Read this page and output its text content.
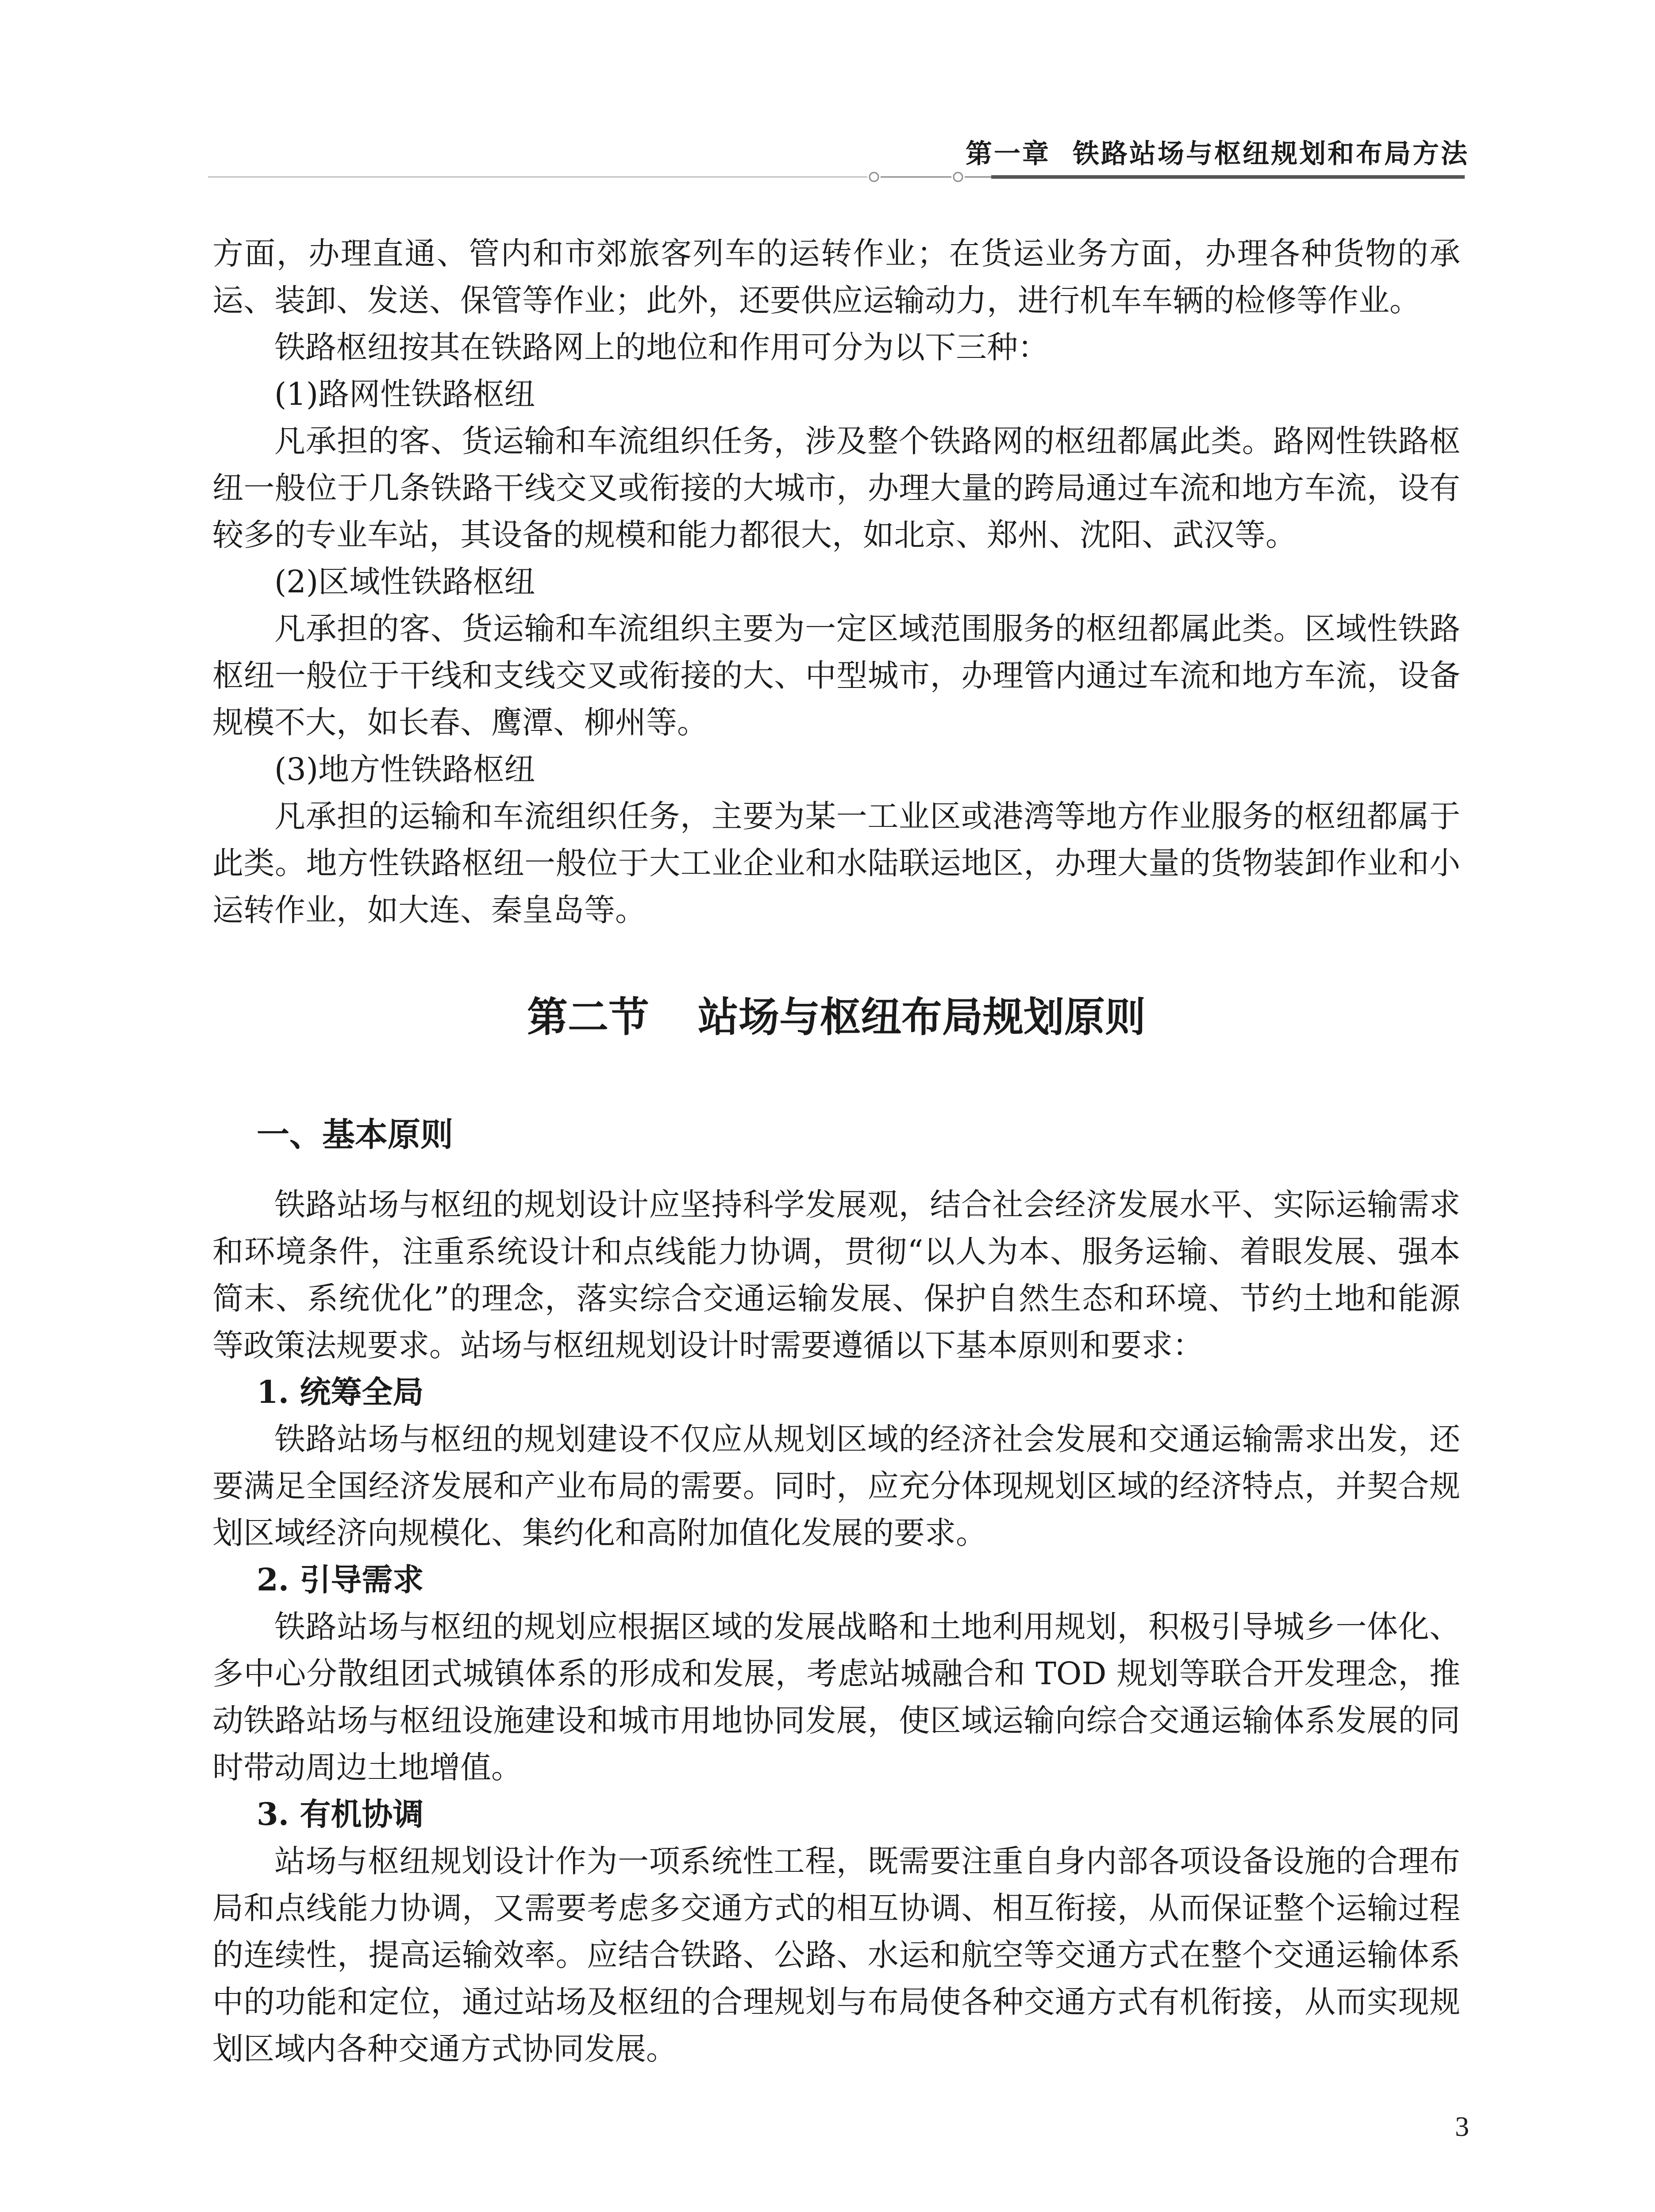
第一章 铁路站场与枢纽规划和布局方法

方面，办理直通、管内和市郊旅客列车的运转作业；在货运业务方面，办理各种货物的承运、装卸、发送、保管等作业；此外，还要供应运输动力，进行机车车辆的检修等作业。

铁路枢纽按其在铁路网上的地位和作用可分为以下三种：

(1)路网性铁路枢纽

凡承担的客、货运输和车流组织任务，涉及整个铁路网的枢纽都属此类。路网性铁路枢纽一般位于几条铁路干线交叉或衔接的大城市，办理大量的跨局通过车流和地方车流，设有较多的专业车站，其设备的规模和能力都很大，如北京、郑州、沈阳、武汉等。

(2)区域性铁路枢纽

凡承担的客、货运输和车流组织主要为一定区域范围服务的枢纽都属此类。区域性铁路枢纽一般位于干线和支线交叉或衔接的大、中型城市，办理管内通过车流和地方车流，设备规模不大，如长春、鹰潭、柳州等。

(3)地方性铁路枢纽

凡承担的运输和车流组织任务，主要为某一工业区或港湾等地方作业服务的枢纽都属于此类。地方性铁路枢纽一般位于大工业企业和水陆联运地区，办理大量的货物装卸作业和小运转作业，如大连、秦皇岛等。

第二节 站场与枢纽布局规划原则
一、基本原则

铁路站场与枢纽的规划设计应坚持科学发展观，结合社会经济发展水平、实际运输需求和环境条件，注重系统设计和点线能力协调，贯彻“以人为本、服务运输、着眼发展、强本简末、系统优化”的理念，落实综合交通运输发展、保护自然生态和环境、节约土地和能源等政策法规要求。站场与枢纽规划设计时需要遵循以下基本原则和要求：

1. 统筹全局

铁路站场与枢纽的规划建设不仅应从规划区域的经济社会发展和交通运输需求出发，还要满足全国经济发展和产业布局的需要。同时，应充分体现规划区域的经济特点，并契合规划区域经济向规模化、集约化和高附加值化发展的要求。

2. 引导需求

铁路站场与枢纽的规划应根据区域的发展战略和土地利用规划，积极引导城乡一体化、多中心分散组团式城镇体系的形成和发展，考虑站城融合和 TOD 规划等联合开发理念，推动铁路站场与枢纽设施建设和城市用地协同发展，使区域运输向综合交通运输体系发展的同时带动周边土地增值。

3. 有机协调

站场与枢纽规划设计作为一项系统性工程，既需要注重自身内部各项设备设施的合理布局和点线能力协调，又需要考虑多交通方式的相互协调、相互衔接，从而保证整个运输过程的连续性，提高运输效率。应结合铁路、公路、水运和航空等交通方式在整个交通运输体系中的功能和定位，通过站场及枢纽的合理规划与布局使各种交通方式有机衔接，从而实现规划区域内各种交通方式协同发展。

3
